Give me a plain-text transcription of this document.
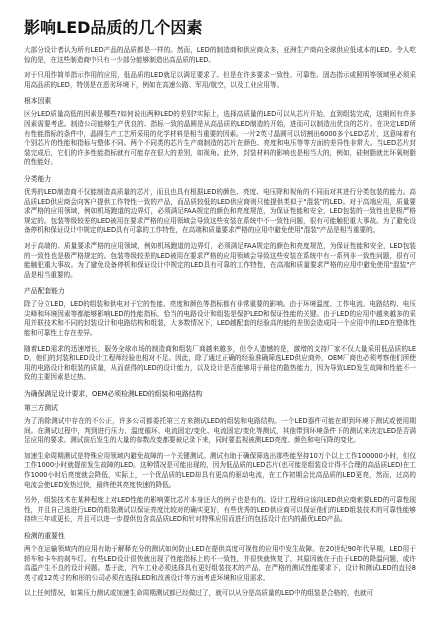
影响LED品质的几个因素

大部分设计者认为所有LED产品的品质都是一样的。然而，LED的制造商和供应商众多，亚洲生产商向全球供应低成本的LED。令人吃惊的是，在这些制造商中只有一少部分能够制造出高品质的LED。

对于只用作简单指示作用的应用，低品质的LED就足以满足要求了。但是在许多要求一致性、可靠性、固态指示或照明等领域里必须采用高品质的LED，特别是在恶劣环境下，例如在高速公路、军用/航空，以及工业应用等。

根本因素

区分LED质量高低的因素是哪些?如何说出两种LED的差别?实际上，选择高质量的LED可以从芯片开始，直到组装完成，这期间有许多因素需要考虑。制造公司能够生产优良的、指标一致的晶圆是从高品质的LED制造的开始，进而可以制造出优良的芯片。在决定LED所有性能指标的条件中，晶圆生产工艺所采用的化学材料是相当重要的因素。一片2英寸晶圆可以切割出6000多个LED芯片，这意味着有个别芯片的性能和指标与整体不同。两个不同类的芯片生产商制造的芯片在颜色、亮度和电压等等方面的差异性非常大。当LED芯片封装完成后，它们的许多性能指标就有可能存在很大的差别，如视角。此外，封装材料的影响也是相当大的，例如，硅树脂就比环氧树脂的性能好。

分类能力

优秀的LED制造商不仅能制造高质量的芯片，而且也具有根据LED的颜色、亮度、电压降和视角的不同而对其进行分类包装的能力。高品质LED供应商会向客户提供工作特性一致的产品，而品质较低的LED供应商则只能提供类似于"混装"的LED。对于高端应用，质量要求严格的应用领域，例如机场跑道的边界灯，必须满足FAA规定的颜色和亮度规范，为保证性能和安全，LED包装的一致性也是极严格规定的。包装等级较差的LED被用在要求严格的应用领域会导致这些安装在系统中不一致性问题，很有可能触犯重大事故。为了避免设备停机和保证设计中规定的LED具有可靠的工作特性，在高端和质量要求严格的应用中避免使用"混装"产品是相当重要的。

对于高端的、质量要求严格的应用领域，例如机场跑道的边界灯，必须满足FAA规定的颜色和亮度规范，为保证性能和安全，LED包装的一致性也是极严格规定的。包装等级较差的LED被用在要求严格的应用领域会导致这些安装在系统中有一系列非一致性问题，很有可能触犯重大事故。为了避免设备停机和保证设计中规定的LED具有可靠的工作特性，在高端和质量要求严格的应用中避免使用"混装"产品是相当重要的。

产品配套能力

除了分立LED，LED的组装和供电对于它的性能、亮度和颜色等指标都有非常重要的影响。由于环境温度、工作电流、电路结构、电压尖峰和环境因素等都能够影响LED的性能指标，恰当的电路设计和组装是保护LED和保证性能的关键。由于LED的应用中越来越多的采用并联技术和不同的封装设计和电路结构和组装，大多数情况下，LED越配套的经验高的能的差别会造成同一个应用中的LED在整体性能和可靠性上存在差异。

随着LED需求的迅速增长，服务全球市场的制造商和组装厂商越来越多，但令人遗憾的是，激增的支持厂家不仅大量采用低品质的LED，他们的封装和LED设计工程师经验也相对不足。因此，除了通过正确的经验准确筛选LED供应商外，OEM厂商也必须考察他们所使用的电路设计和组装的质量，从而获得的LED的设计能力，以及设计是否能够用于最佳的散热能力，因为导致LED发生故障和性能不一致的主要因素是过热。

为确保满足设计要求，OEM必须检测LED的组装和电路结构
第三方测试

为了消除测试中存在的不公正，许多公司都委托第三方来测试LED的组装和电路结构。一个LED器件可能在即到环境下测试或使用期间。在测试过程中，判到进行压力、温度循环、电流固定/变化、电流固定/变化等测试，其他带到环境条件下的测试来决定LED是否满足应用的要求。测试前后发生的大量的参数改变都要被记录下来，同时要监视被测LED亮度、颜色和电压降的变化。

加速生命周期测试是特殊应用领域内避免故障的一个关键测试。测试有助于确保筛选出那些能坚持10万个以上工作100000小时，但仅工作1000小时就提前发生故障的LED。这种情况是可能出现的，因为低品质的LED芯片(也可能是组装设计得不合理的高品质LED)在工作1000小时后亮度就会降低，实际上，一个优品质的LED却具有更高的驱动电流，在工作初期会比高品质的LED更亮，然而，过高的电流会使LED发热过快，最终使其亮度快速的降低。

另外，组装技术在某种程度上对LED性能的影响要比芯片本身还大的例子也是有的。设计工程师应该向LED供应商索要LED的可靠性现性，并且自己选进行LED的组装测试以保证亮度比较对的确实更好，有些优秀的LED供应商可以保证他们的LED组装技术的可靠性能够持续三年或更长，并且可以进一步提供包含高品质LED和针对特殊应用而进行的包括设计在内的最优LED产品。

检测的重要性

两个在运输领域内的应用有助于解释充分的测试如何防止LED在提供高度可视性的应用中发生故障。在20世纪90年代早期，LED用于轿车和卡车的刹车灯。有些LED设计很快就出现了性能指标上的不一致性，并很快就恢复了，其原因就在于由于LED的降温问题，或许高温产生不良的设计问题。基于此，汽车工业必须选择具有更好组装技术的产品，在严格的测试性能要求下，设计和测试LED的直径8英寸或12英寸的和形的公司必须在选择LED和改善设计等方面考虑环境和应用需求。

以上任何情况，如果压力测试或加速生命周期测试都已经做过了，就可以从分是高质量的LED中的组装是合格的，也就可
